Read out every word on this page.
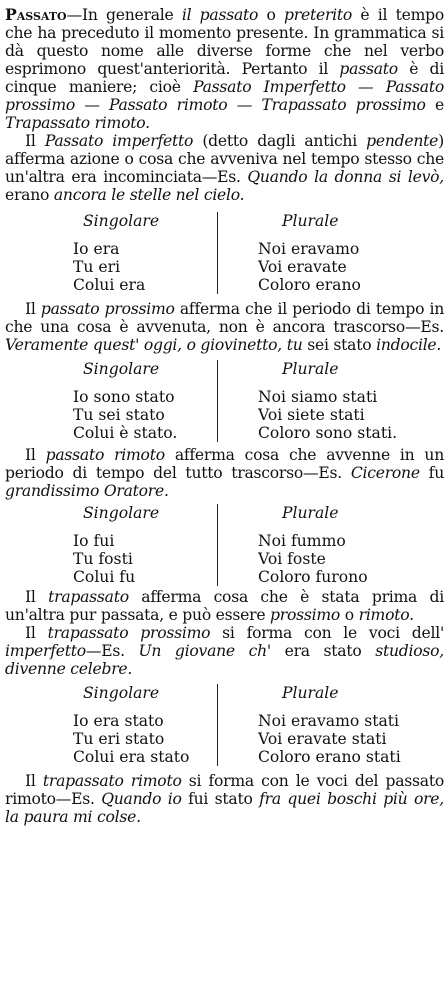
Passato—In generale il passato o preterito è il tempo che ha preceduto il momento presente. In grammatica si dà questo nome alle diverse forme che nel verbo esprimono quest'anteriorità. Pertanto il passato è di cinque maniere; cioè Passato Imperfetto — Passato prossimo — Passato rimoto — Trapassato prossimo e Trapassato rimoto.

Il Passato imperfetto (detto dagli antichi pendente) afferma azione o cosa che avveniva nel tempo stesso che un'altra era incominciata—Es. Quando la donna si levò, erano ancora le stelle nel cielo.

Singolare
Io era
Tu eri
Colui era
Plurale
Noi eravamo
Voi eravate
Coloro erano

Il passato prossimo afferma che il periodo di tempo in che una cosa è avvenuta, non è ancora trascorso—Es. Veramente quest' oggi, o giovinetto, tu sei stato indocile.

Singolare
Io sono stato
Tu sei stato
Colui è stato.
Plurale
Noi siamo stati
Voi siete stati
Coloro sono stati.

Il passato rimoto afferma cosa che avvenne in un periodo di tempo del tutto trascorso—Es. Cicerone fu grandissimo Oratore.

Singolare
Io fui
Tu fosti
Colui fu
Plurale
Noi fummo
Voi foste
Coloro furono

Il trapassato afferma cosa che è stata prima di un'altra pur passata, e può essere prossimo o rimoto.

Il trapassato prossimo si forma con le voci dell' imperfetto—Es. Un giovane ch' era stato studioso, divenne celebre.

Singolare
Io era stato
Tu eri stato
Colui era stato
Plurale
Noi eravamo stati
Voi eravate stati
Coloro erano stati

Il trapassato rimoto si forma con le voci del passato rimoto—Es. Quando io fui stato fra quei boschi più ore, la paura mi colse.
